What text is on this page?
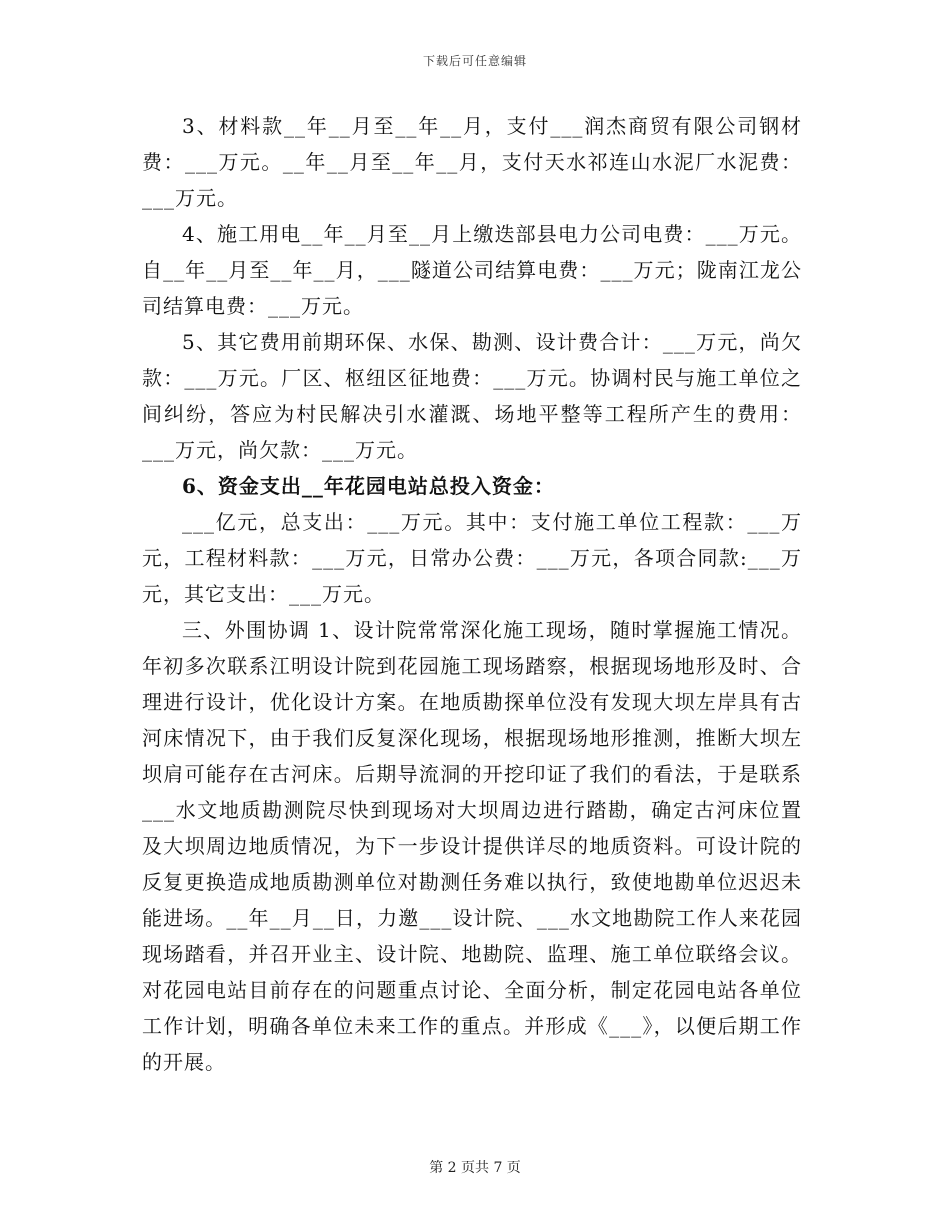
下载后可任意编辑

3、材料款__年__月至__年__月，支付___润杰商贸有限公司钢材费：___万元。__年__月至__年__月，支付天水祁连山水泥厂水泥费：___万元。

4、施工用电__年__月至__月上缴迭部县电力公司电费：___万元。自__年__月至__年__月，___隧道公司结算电费：___万元；陇南江龙公司结算电费：___万元。

5、其它费用前期环保、水保、勘测、设计费合计：___万元，尚欠款：___万元。厂区、枢纽区征地费：___万元。协调村民与施工单位之间纠纷，答应为村民解决引水灌溉、场地平整等工程所产生的费用：___万元，尚欠款：___万元。

6、资金支出__年花园电站总投入资金：

___亿元，总支出：___万元。其中：支付施工单位工程款：___万元，工程材料款：___万元，日常办公费：___万元，各项合同款:___万元，其它支出：___万元。

三、外围协调 1、设计院常常深化施工现场，随时掌握施工情况。年初多次联系江明设计院到花园施工现场踏察，根据现场地形及时、合理进行设计，优化设计方案。在地质勘探单位没有发现大坝左岸具有古河床情况下，由于我们反复深化现场，根据现场地形推测，推断大坝左坝肩可能存在古河床。后期导流洞的开挖印证了我们的看法，于是联系___水文地质勘测院尽快到现场对大坝周边进行踏勘，确定古河床位置及大坝周边地质情况，为下一步设计提供详尽的地质资料。可设计院的反复更换造成地质勘测单位对勘测任务难以执行，致使地勘单位迟迟未能进场。__年__月__日，力邀___设计院、___水文地勘院工作人来花园现场踏看，并召开业主、设计院、地勘院、监理、施工单位联络会议。对花园电站目前存在的问题重点讨论、全面分析，制定花园电站各单位工作计划，明确各单位未来工作的重点。并形成《___》，以便后期工作的开展。

第 2 页共 7 页
